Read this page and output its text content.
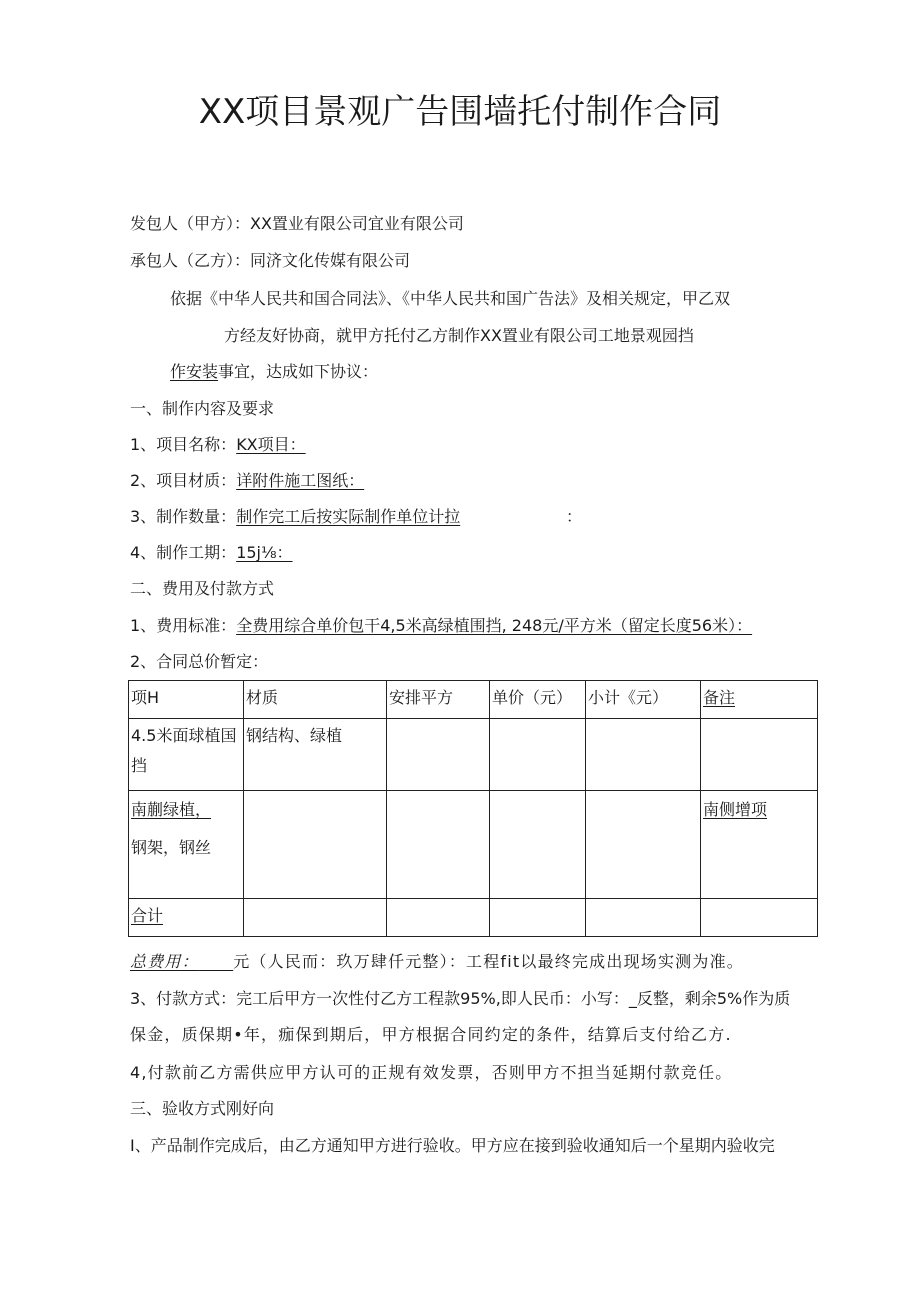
XX项目景观广告围墙托付制作合同
发包人（甲方）：XX置业有限公司宜业有限公司
承包人（乙方）：同济文化传媒有限公司
依据《中华人民共和国合同法》、《中华人民共和国广告法》及相关规定，甲乙双
方经友好协商，就甲方托付乙方制作XX置业有限公司工地景观园挡
作安装事宜，达成如下协议：
一、制作内容及要求
1、项目名称：KX项目：
2、项目材质：详附件施工图纸：
3、制作数量：制作完工后按实际制作单位计拉	：
4、制作工期：15j⅛：
二、费用及付款方式
1、费用标准：全费用综合单价包干4,5米高绿植围挡, 248元/平方米（留定长度56米）：
2、合同总价暂定：
项H	材质	安排平方	单价（元）	小计《元）	备注

4.5米面球植国
挡	钢结构、绿植				

南蒯绿植，
钢架，钢丝					南侧增项
合计					
总费用：   元（人民而：玖万肆仟元整）：工程fit以最终完成出现场实测为准。
3、付款方式：完工后甲方一次性付乙方工程款95%,即人民币：小写：_反整，剩余5%作为质
保金，质保期•年，痂保到期后，甲方根据合同约定的条件，结算后支付给乙方.
4,付款前乙方需供应甲方认可的正规有效发票，否则甲方不担当延期付款竞任。
三、验收方式刚好向
I、产品制作完成后，由乙方通知甲方进行验收。甲方应在接到验收通知后一个星期内验收完
